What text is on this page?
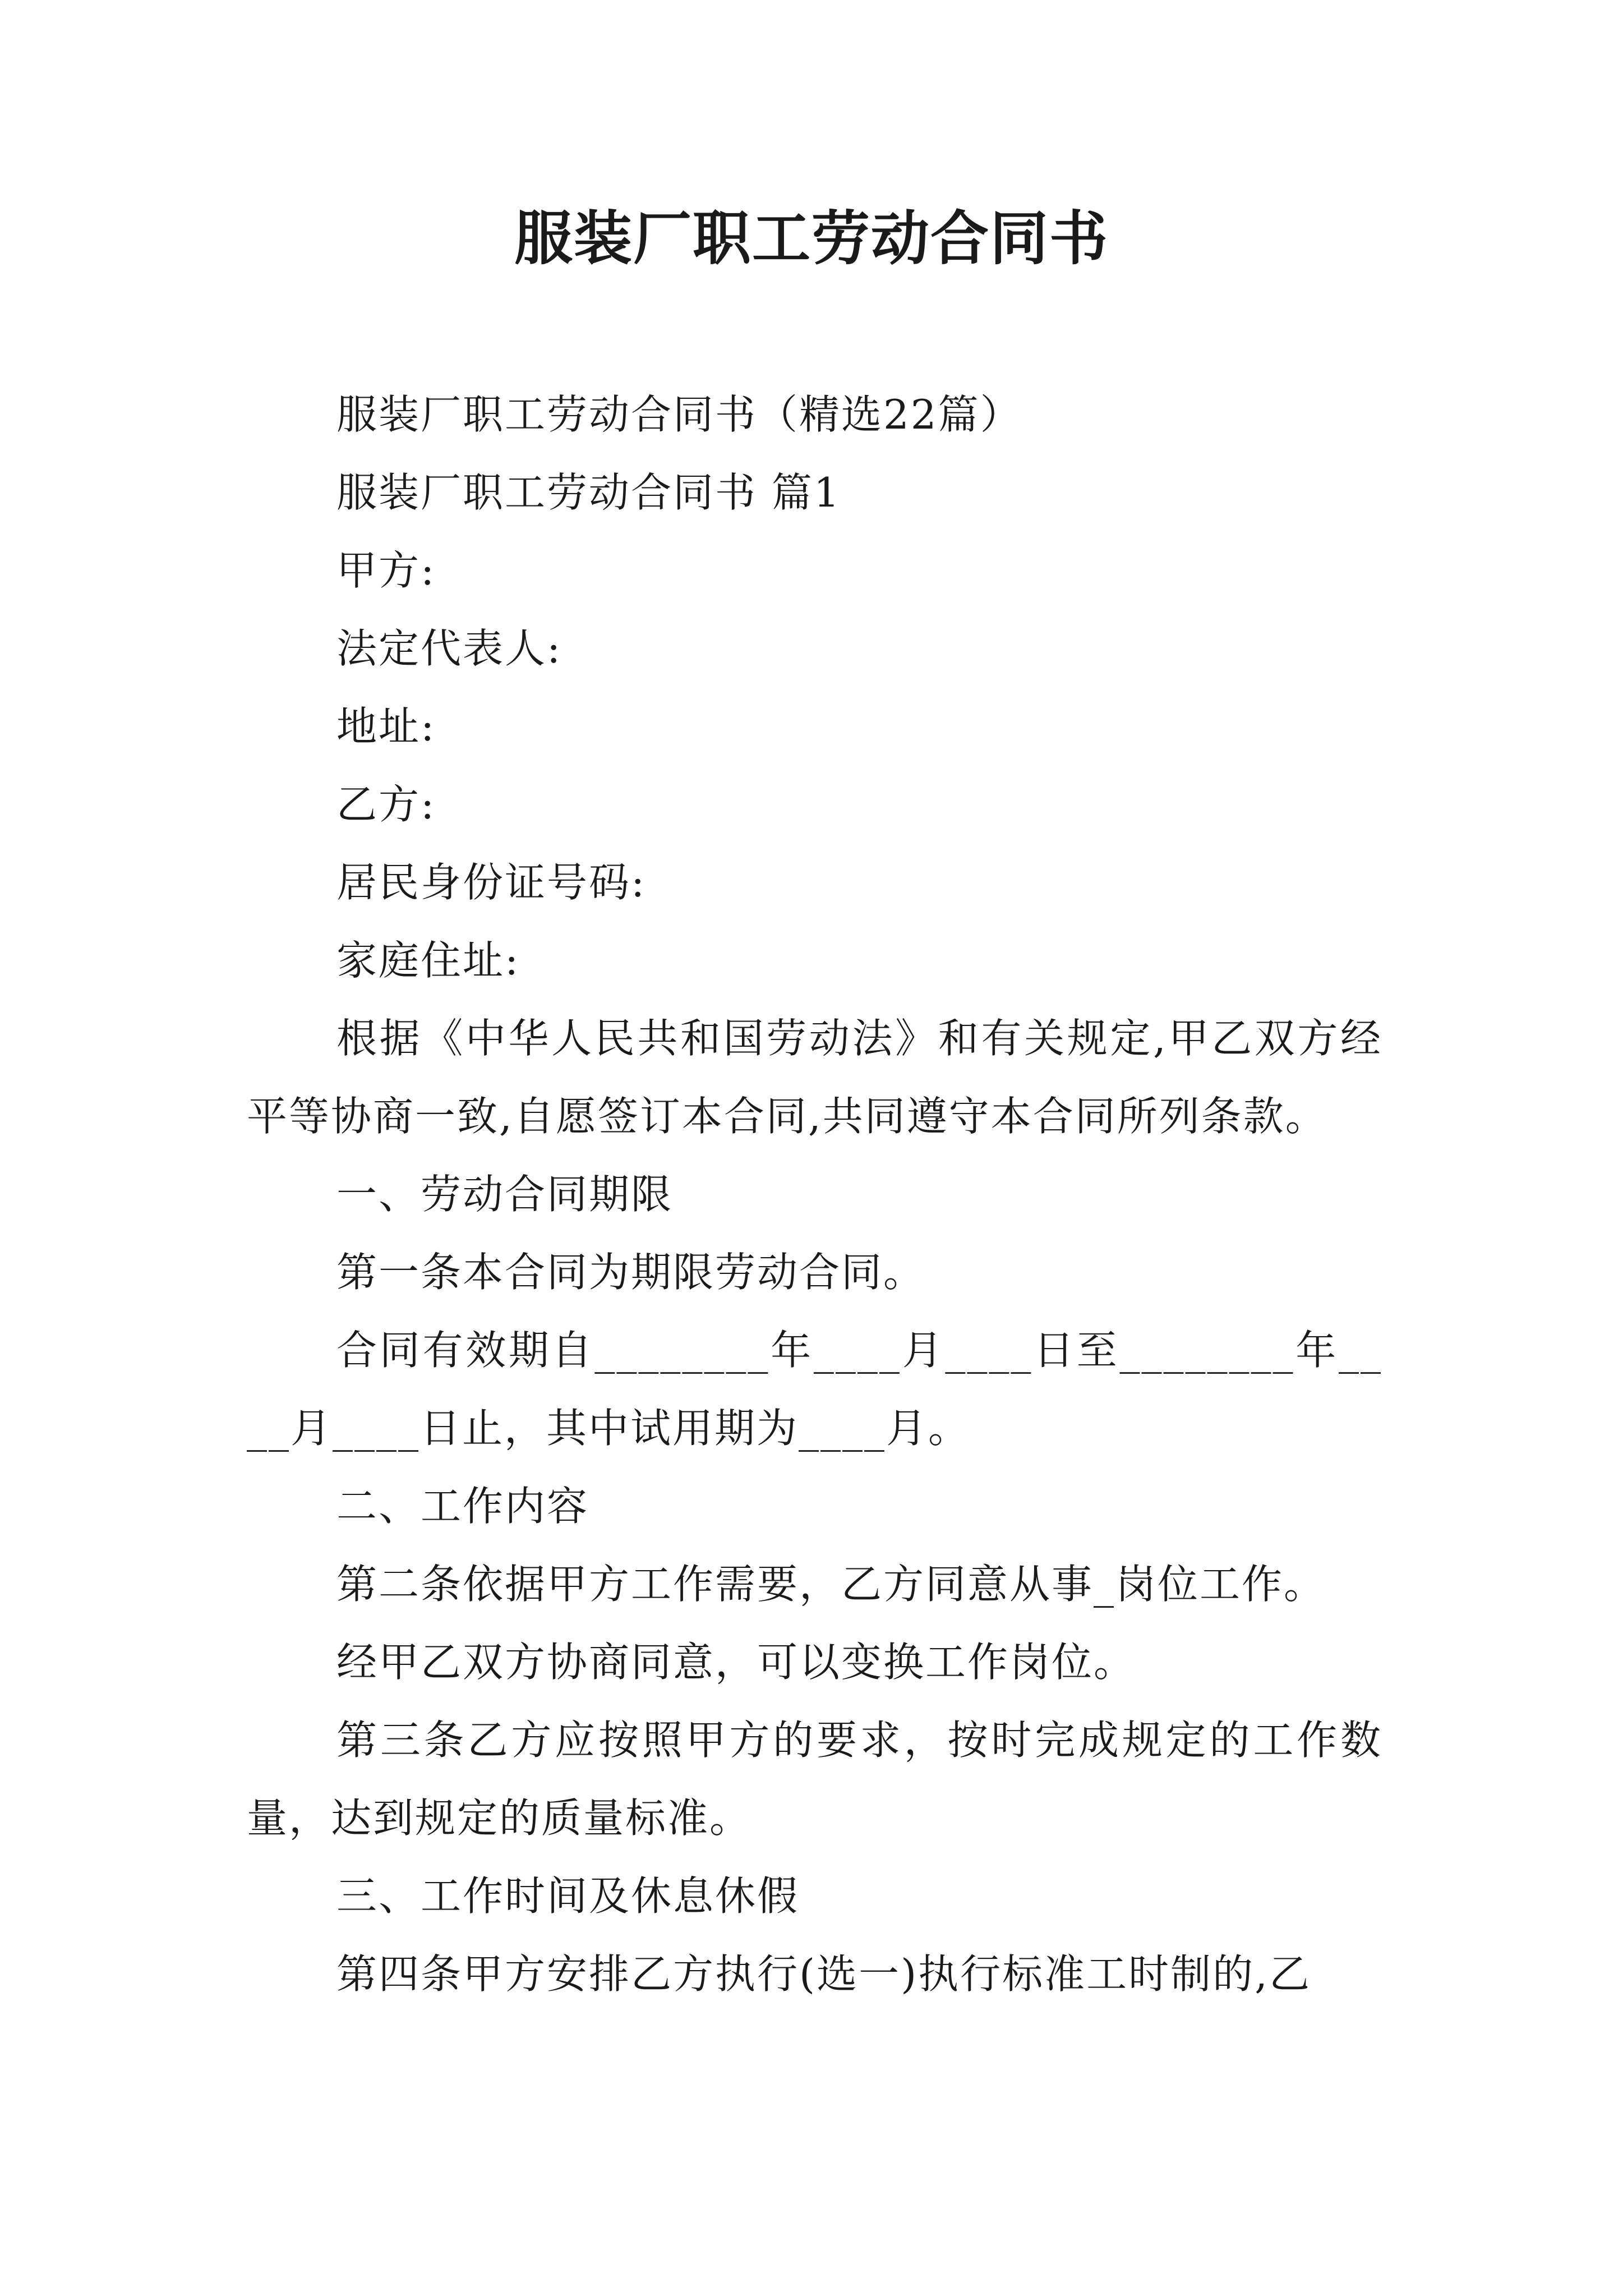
服装厂职工劳动合同书

服装厂职工劳动合同书（精选22篇）

服装厂职工劳动合同书 篇1

甲方:

法定代表人:

地址:

乙方:

居民身份证号码:

家庭住址:

根据《中华人民共和国劳动法》和有关规定,甲乙双方经平等协商一致,自愿签订本合同,共同遵守本合同所列条款。

一、劳动合同期限

第一条本合同为期限劳动合同。

合同有效期自________年____月____日至________年____月____日止，其中试用期为____月。

二、工作内容

第二条依据甲方工作需要，乙方同意从事_岗位工作。

经甲乙双方协商同意，可以变换工作岗位。

第三条乙方应按照甲方的要求，按时完成规定的工作数量，达到规定的质量标准。

三、工作时间及休息休假

第四条甲方安排乙方执行(选一)执行标准工时制的,乙
